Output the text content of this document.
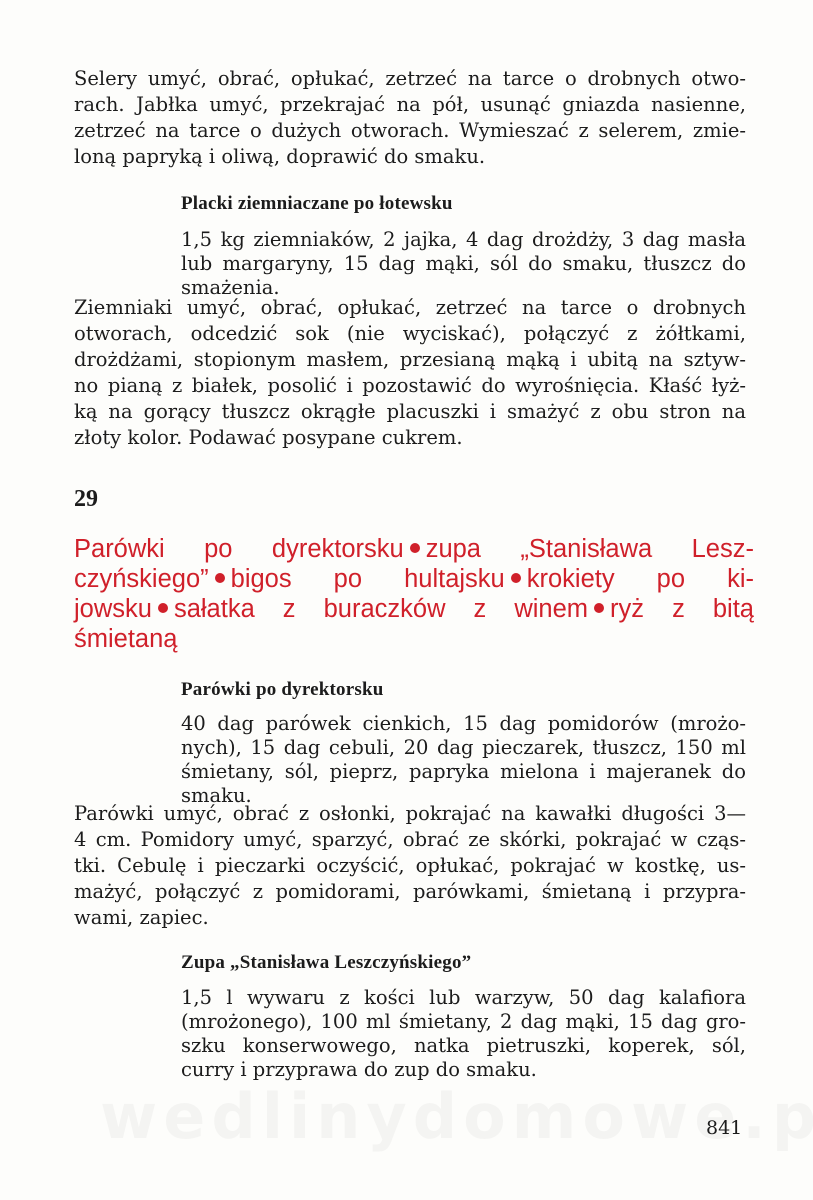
Selery umyć, obrać, opłukać, zetrzeć na tarce o drobnych otwo-
rach. Jabłka umyć, przekrajać na pół, usunąć gniazda nasienne,
zetrzeć na tarce o dużych otworach. Wymieszać z selerem, zmie-
loną papryką i oliwą, doprawić do smaku.
Placki ziemniaczane po łotewsku
1,5 kg ziemniaków, 2 jajka, 4 dag drożdży, 3 dag masła
lub margaryny, 15 dag mąki, sól do smaku, tłuszcz do
smażenia.
Ziemniaki umyć, obrać, opłukać, zetrzeć na tarce o drobnych
otworach, odcedzić sok (nie wyciskać), połączyć z żółtkami,
drożdżami, stopionym masłem, przesianą mąką i ubitą na sztyw-
no pianą z białek, posolić i pozostawić do wyrośnięcia. Kłaść łyż-
ką na gorący tłuszcz okrągłe placuszki i smażyć z obu stron na
złoty kolor. Podawać posypane cukrem.
29
Parówki po dyrektorsku zupa „Stanisława Lesz-
czyńskiego” bigos po hultajsku krokiety po ki-
jowsku sałatka z buraczków z winem ryż z bitą
śmietaną
Parówki po dyrektorsku
40 dag parówek cienkich, 15 dag pomidorów (mrożo-
nych), 15 dag cebuli, 20 dag pieczarek, tłuszcz, 150 ml
śmietany, sól, pieprz, papryka mielona i majeranek do
smaku.
Parówki umyć, obrać z osłonki, pokrajać na kawałki długości 3—
4 cm. Pomidory umyć, sparzyć, obrać ze skórki, pokrajać w cząs-
tki. Cebulę i pieczarki oczyścić, opłukać, pokrajać w kostkę, us-
mażyć, połączyć z pomidorami, parówkami, śmietaną i przypra-
wami, zapiec.
Zupa „Stanisława Leszczyńskiego”
1,5 l wywaru z kości lub warzyw, 50 dag kalafiora
(mrożonego), 100 ml śmietany, 2 dag mąki, 15 dag gro-
szku konserwowego, natka pietruszki, koperek, sól,
curry i przyprawa do zup do smaku.
841
